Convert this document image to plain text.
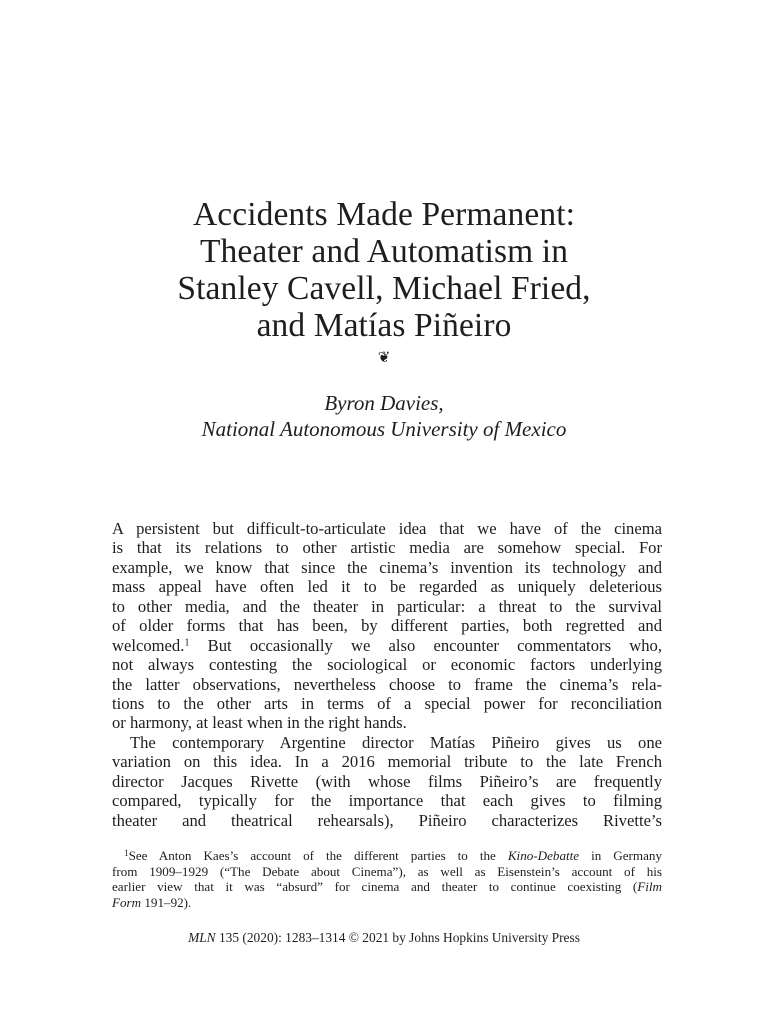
Accidents Made Permanent:
Theater and Automatism in
Stanley Cavell, Michael Fried,
and Matías Piñeiro
❦
Byron Davies,
National Autonomous University of Mexico
A persistent but difficult-to-articulate idea that we have of the cinema
is that its relations to other artistic media are somehow special. For
example, we know that since the cinema’s invention its technology and
mass appeal have often led it to be regarded as uniquely deleterious
to other media, and the theater in particular: a threat to the survival
of older forms that has been, by different parties, both regretted and
welcomed.$^1$ But occasionally we also encounter commentators who,
not always contesting the sociological or economic factors underlying
the latter observations, nevertheless choose to frame the cinema’s rela-
tions to the other arts in terms of a special power for reconciliation
or harmony, at least when in the right hands.
The contemporary Argentine director Matías Piñeiro gives us one
variation on this idea. In a 2016 memorial tribute to the late French
director Jacques Rivette (with whose films Piñeiro’s are frequently
compared, typically for the importance that each gives to filming
theater and theatrical rehearsals), Piñeiro characterizes Rivette’s
$^1$See Anton Kaes’s account of the different parties to the Kino-Debatte in Germany
from 1909–1929 (“The Debate about Cinema”), as well as Eisenstein’s account of his
earlier view that it was “absurd” for cinema and theater to continue coexisting (Film
Form 191–92).
MLN 135 (2020): 1283–1314 © 2021 by Johns Hopkins University Press
